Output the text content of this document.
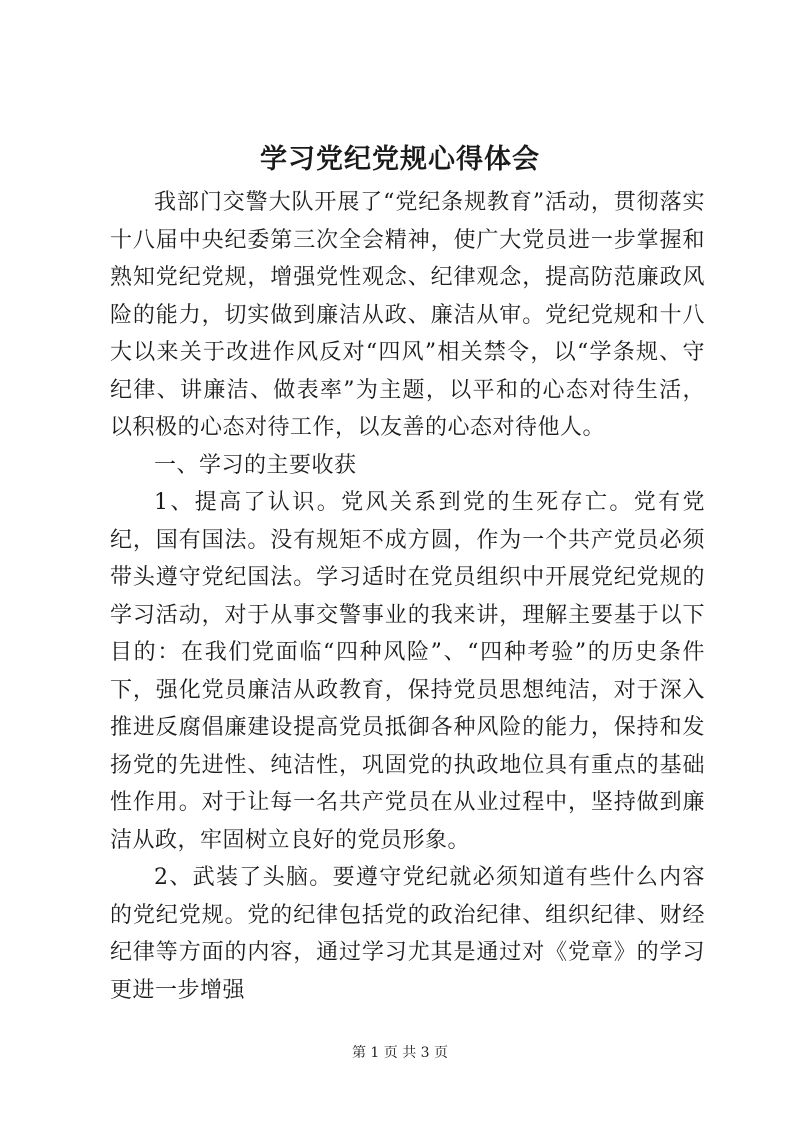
学习党纪党规心得体会

我部门交警大队开展了“党纪条规教育”活动，贯彻落实十八届中央纪委第三次全会精神，使广大党员进一步掌握和熟知党纪党规，增强党性观念、纪律观念，提高防范廉政风险的能力，切实做到廉洁从政、廉洁从审。党纪党规和十八大以来关于改进作风反对“四风”相关禁令，以“学条规、守纪律、讲廉洁、做表率”为主题，以平和的心态对待生活，以积极的心态对待工作，以友善的心态对待他人。

一、学习的主要收获

1、提高了认识。党风关系到党的生死存亡。党有党纪，国有国法。没有规矩不成方圆，作为一个共产党员必须带头遵守党纪国法。学习适时在党员组织中开展党纪党规的学习活动，对于从事交警事业的我来讲，理解主要基于以下目的：在我们党面临“四种风险”、“四种考验”的历史条件下，强化党员廉洁从政教育，保持党员思想纯洁，对于深入推进反腐倡廉建设提高党员抵御各种风险的能力，保持和发扬党的先进性、纯洁性，巩固党的执政地位具有重点的基础性作用。对于让每一名共产党员在从业过程中，坚持做到廉洁从政，牢固树立良好的党员形象。

2、武装了头脑。要遵守党纪就必须知道有些什么内容的党纪党规。党的纪律包括党的政治纪律、组织纪律、财经纪律等方面的内容，通过学习尤其是通过对《党章》的学习更进一步增强

第 1 页 共 3 页
